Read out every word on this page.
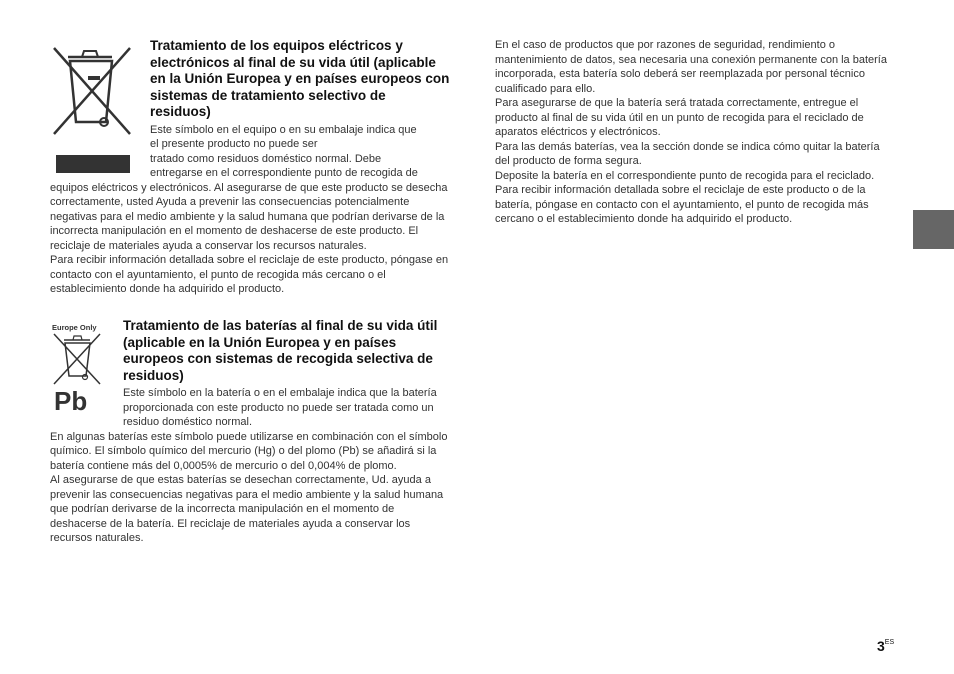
Tratamiento de los equipos eléctricos y electrónicos al final de su vida útil (aplicable en la Unión Europea y en países europeos con sistemas de tratamiento selectivo de residuos)

Este símbolo en el equipo o en su embalaje indica que
el presente producto no puede ser
tratado como residuos doméstico normal. Debe
entregarse en el correspondiente punto de recogida de

equipos eléctricos y electrónicos. Al asegurarse de que este producto se desecha correctamente, usted Ayuda a prevenir las consecuencias potencialmente negativas para el medio ambiente y la salud humana que podrían derivarse de la incorrecta manipulación en el momento de deshacerse de este producto. El reciclaje de materiales ayuda a conservar los recursos naturales.

Para recibir información detallada sobre el reciclaje de este producto, póngase en contacto con el ayuntamiento, el punto de recogida más cercano o el establecimiento donde ha adquirido el producto.

Europe Only
Pb

Tratamiento de las baterías al final de su vida útil (aplicable en la Unión Europea y en países europeos con sistemas de recogida selectiva de residuos)

Este símbolo en la batería o en el embalaje indica que la batería proporcionada con este producto no puede ser tratada como un residuo doméstico normal.

En algunas baterías este símbolo puede utilizarse en combinación con el símbolo químico. El símbolo químico del mercurio (Hg) o del plomo (Pb) se añadirá si la batería contiene más del 0,0005% de mercurio o del 0,004% de plomo.

Al asegurarse de que estas baterías se desechan correctamente, Ud. ayuda a prevenir las consecuencias negativas para el medio ambiente y la salud humana que podrían derivarse de la incorrecta manipulación en el momento de deshacerse de la batería. El reciclaje de materiales ayuda a conservar los recursos naturales.

En el caso de productos que por razones de seguridad, rendimiento o mantenimiento de datos, sea necesaria una conexión permanente con la batería incorporada, esta batería solo deberá ser reemplazada por personal técnico cualificado para ello.

Para asegurarse de que la batería será tratada correctamente, entregue el producto al final de su vida útil en un punto de recogida para el reciclado de aparatos eléctricos y electrónicos.

Para las demás baterías, vea la sección donde se indica cómo quitar la batería del producto de forma segura.

Deposite la batería en el correspondiente punto de recogida para el reciclado.

Para recibir información detallada sobre el reciclaje de este producto o de la batería, póngase en contacto con el ayuntamiento, el punto de recogida más cercano o el establecimiento donde ha adquirido el producto.

$3^{ES}$
